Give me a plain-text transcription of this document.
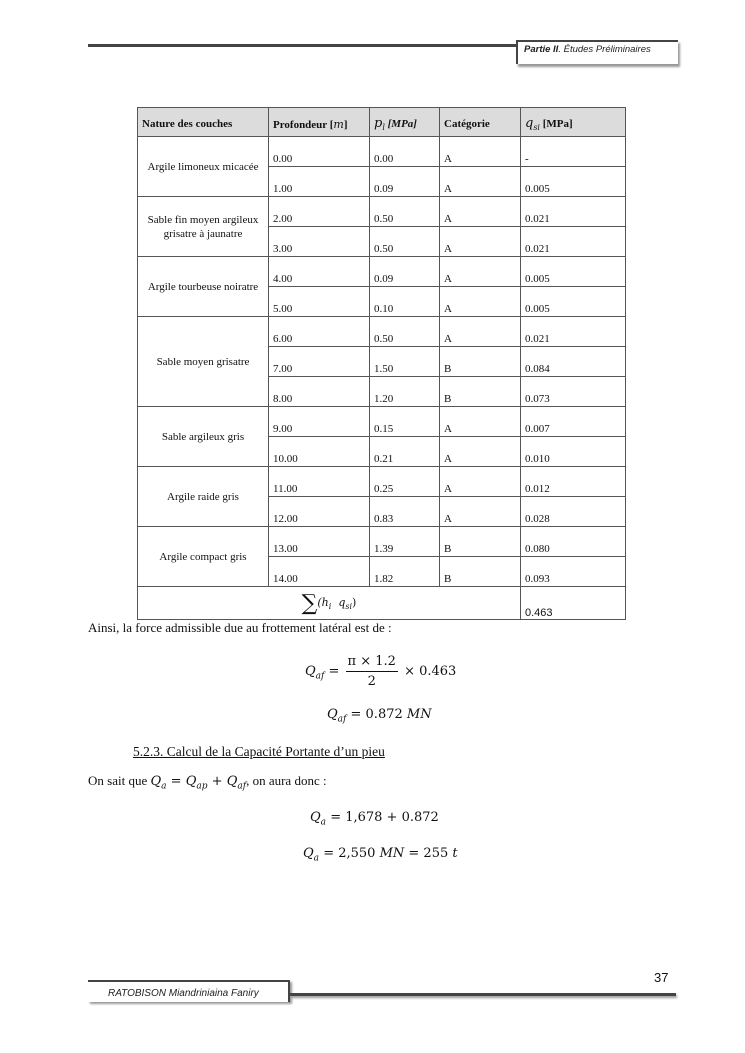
Partie II. Études Préliminaires
Nature des couches	Profondeur [m]	$p_l$ [MPa]	Catégorie	$q_{si}$ [MPa]
Argile limoneux micacée	0.00	0.00	A	-
	1.00	0.09	A	0.005
Sable fin moyen argileux grisatre à jaunatre	2.00	0.50	A	0.021
	3.00	0.50	A	0.021
Argile tourbeuse noiratre	4.00	0.09	A	0.005
	5.00	0.10	A	0.005
Sable moyen grisatre	6.00	0.50	A	0.021
	7.00	1.50	B	0.084
	8.00	1.20	B	0.073
Sable argileux gris	9.00	0.15	A	0.007
	10.00	0.21	A	0.010
Argile raide gris	11.00	0.25	A	0.012
	12.00	0.83	A	0.028
Argile compact gris	13.00	1.39	B	0.080
	14.00	1.82	B	0.093
$\sum(h_i$ $q_{si}$)				0.463
Ainsi, la force admissible due au frottement latéral est de :
$Q_{af} = \frac{\pi \times 1.2}{2} \times 0.463$
$Q_{af} = 0.872$ MN
5.2.3. Calcul de la Capacité Portante d’un pieu
On sait que $Q_a = Q_{ap} + Q_{af}$, on aura donc :
$Q_a = 1,678 + 0.872$
$Q_a = 2,550$ MN = 255 t
37
RATOBISON Miandriniaina Faniry
